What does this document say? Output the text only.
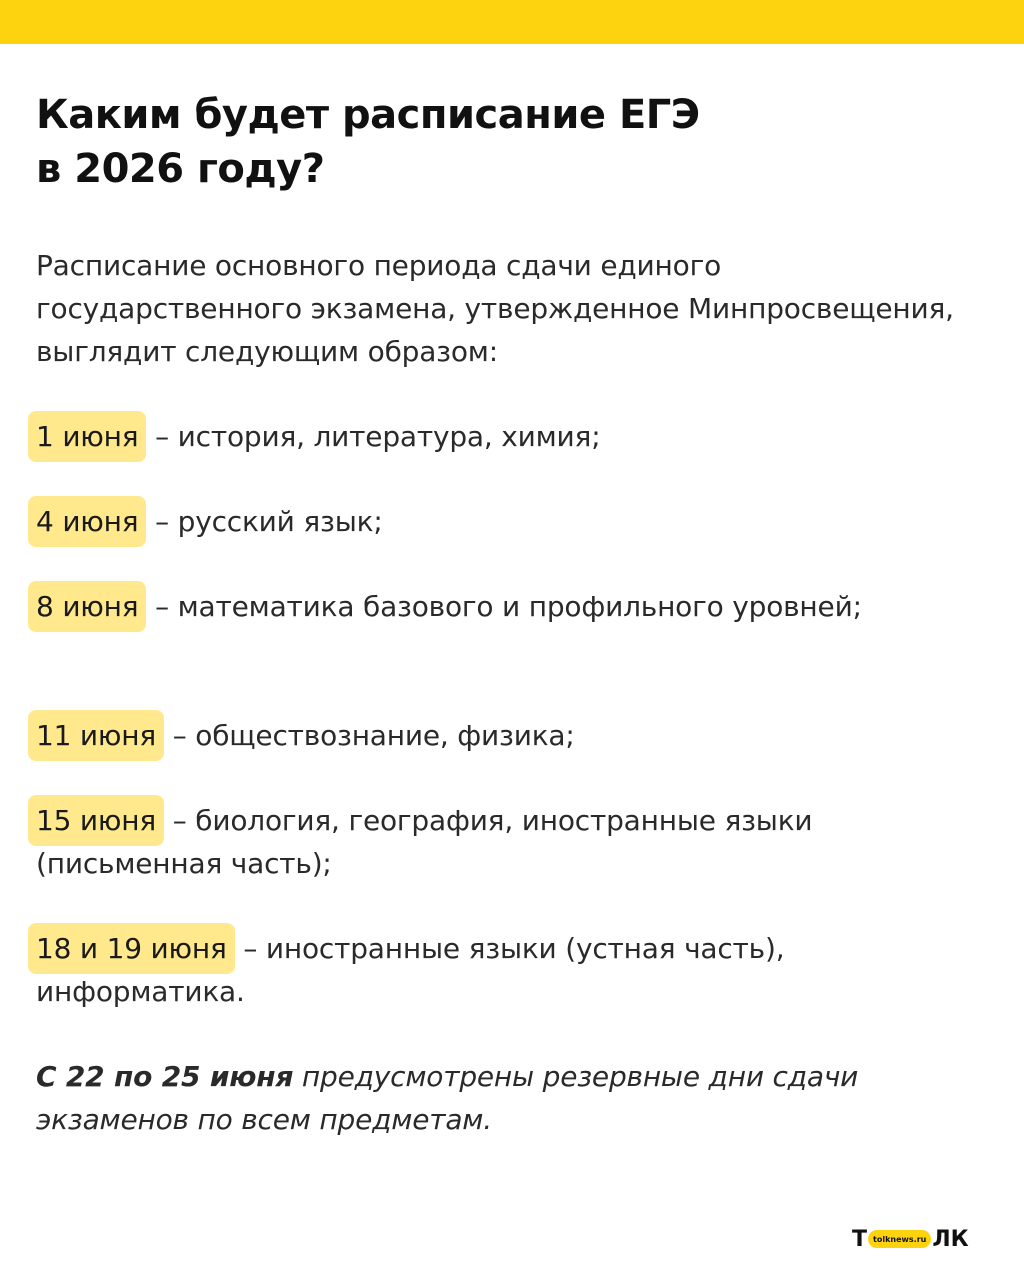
Каким будет расписание ЕГЭ
в 2026 году?

Расписание основного периода сдачи единого государственного экзамена, утвержденное Минпросвещения, выглядит следующим образом:

1 июня – история, литература, химия;
4 июня – русский язык;
8 июня – математика базового и профильного уровней;
11 июня – обществознание, физика;
15 июня – биология, география, иностранные языки (письменная часть);
18 и 19 июня – иностранные языки (устная часть), информатика.

С 22 по 25 июня предусмотрены резервные дни сдачи экзаменов по всем предметам.

Т tolknews.ru ЛК
